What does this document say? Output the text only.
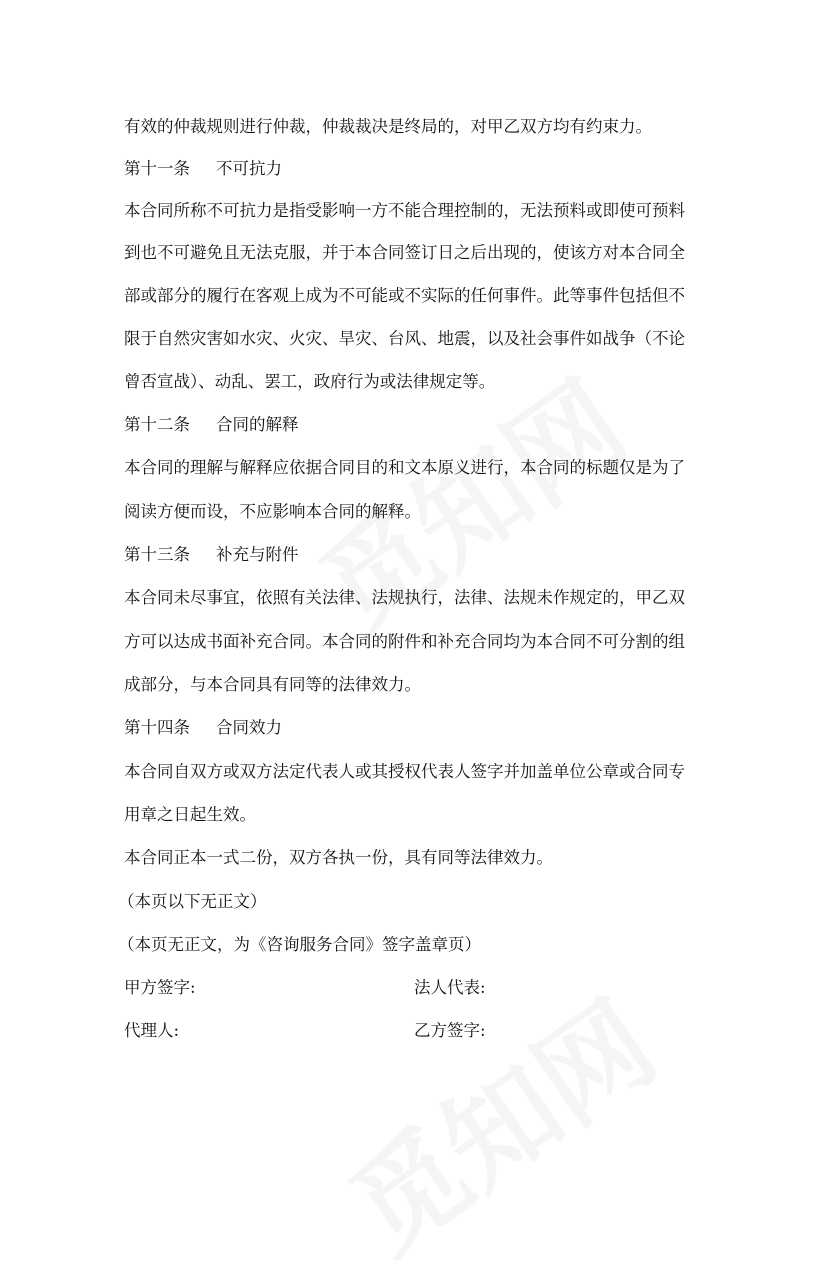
有效的仲裁规则进行仲裁，仲裁裁决是终局的，对甲乙双方均有约束力。
第十一条 不可抗力
本合同所称不可抗力是指受影响一方不能合理控制的，无法预料或即使可预料
到也不可避免且无法克服，并于本合同签订日之后出现的，使该方对本合同全
部或部分的履行在客观上成为不可能或不实际的任何事件。此等事件包括但不
限于自然灾害如水灾、火灾、旱灾、台风、地震，以及社会事件如战争（不论
曾否宣战）、动乱、罢工，政府行为或法律规定等。
第十二条 合同的解释
本合同的理解与解释应依据合同目的和文本原义进行，本合同的标题仅是为了
阅读方便而设，不应影响本合同的解释。
第十三条 补充与附件
本合同未尽事宜，依照有关法律、法规执行，法律、法规未作规定的，甲乙双
方可以达成书面补充合同。本合同的附件和补充合同均为本合同不可分割的组
成部分，与本合同具有同等的法律效力。
第十四条 合同效力
本合同自双方或双方法定代表人或其授权代表人签字并加盖单位公章或合同专
用章之日起生效。
本合同正本一式二份，双方各执一份，具有同等法律效力。
（本页以下无正文）
（本页无正文，为《咨询服务合同》签字盖章页）
甲方签字:	法人代表:
代理人:	乙方签字:
